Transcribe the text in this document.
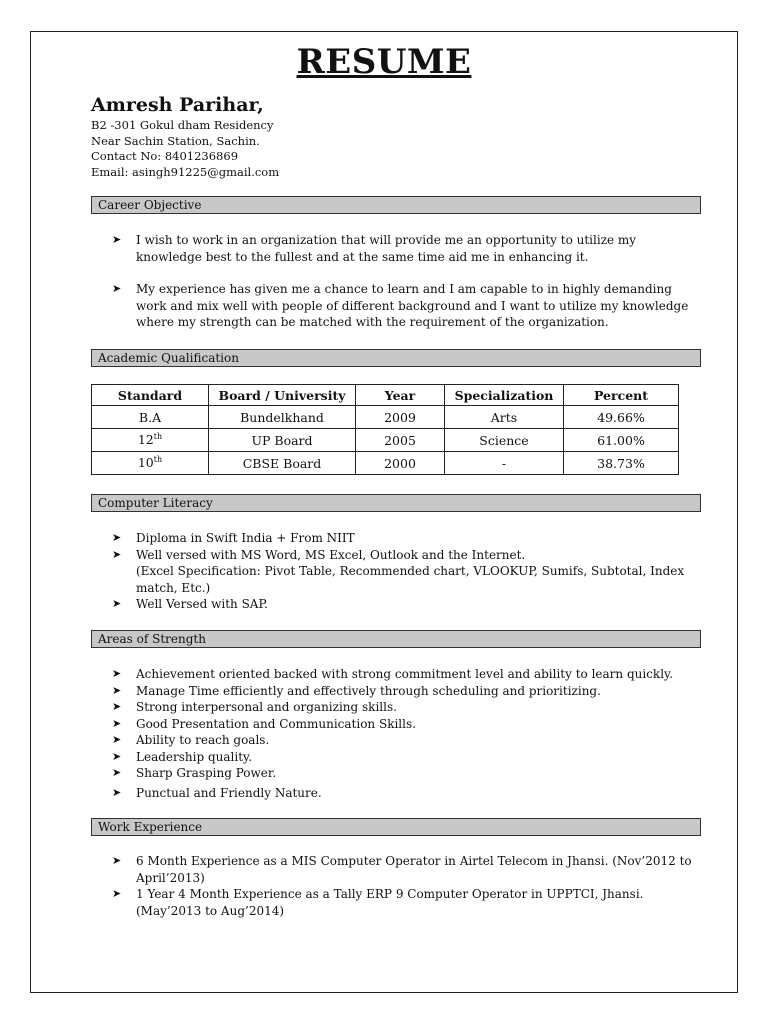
RESUME
Amresh Parihar,
B2 -301 Gokul dham Residency
Near Sachin Station, Sachin.
Contact No: 8401236869
Email: asingh91225@gmail.com
Career Objective
➤ I wish to work in an organization that will provide me an opportunity to utilize my knowledge best to the fullest and at the same time aid me in enhancing it.
➤ My experience has given me a chance to learn and I am capable to in highly demanding work and mix well with people of different background and I want to utilize my knowledge where my strength can be matched with the requirement of the organization.
Academic Qualification
Standard	Board / University	Year	Specialization	Percent
B.A	Bundelkhand	2009	Arts	49.66%
12th	UP Board	2005	Science	61.00%
10th	CBSE Board	2000	-	38.73%
Computer Literacy
➤ Diploma in Swift India + From NIIT
➤ Well versed with MS Word, MS Excel, Outlook and the Internet.
(Excel Specification: Pivot Table, Recommended chart, VLOOKUP, Sumifs, Subtotal, Index match, Etc.)
➤ Well Versed with SAP.
Areas of Strength
➤ Achievement oriented backed with strong commitment level and ability to learn quickly.
➤ Manage Time efficiently and effectively through scheduling and prioritizing.
➤ Strong interpersonal and organizing skills.
➤ Good Presentation and Communication Skills.
➤ Ability to reach goals.
➤ Leadership quality.
➤ Sharp Grasping Power.
➤ Punctual and Friendly Nature.
Work Experience
➤ 6 Month Experience as a MIS Computer Operator in Airtel Telecom in Jhansi. (Nov’2012 to April’2013)
➤ 1 Year 4 Month Experience as a Tally ERP 9 Computer Operator in UPPTCI, Jhansi.
(May’2013 to Aug’2014)
